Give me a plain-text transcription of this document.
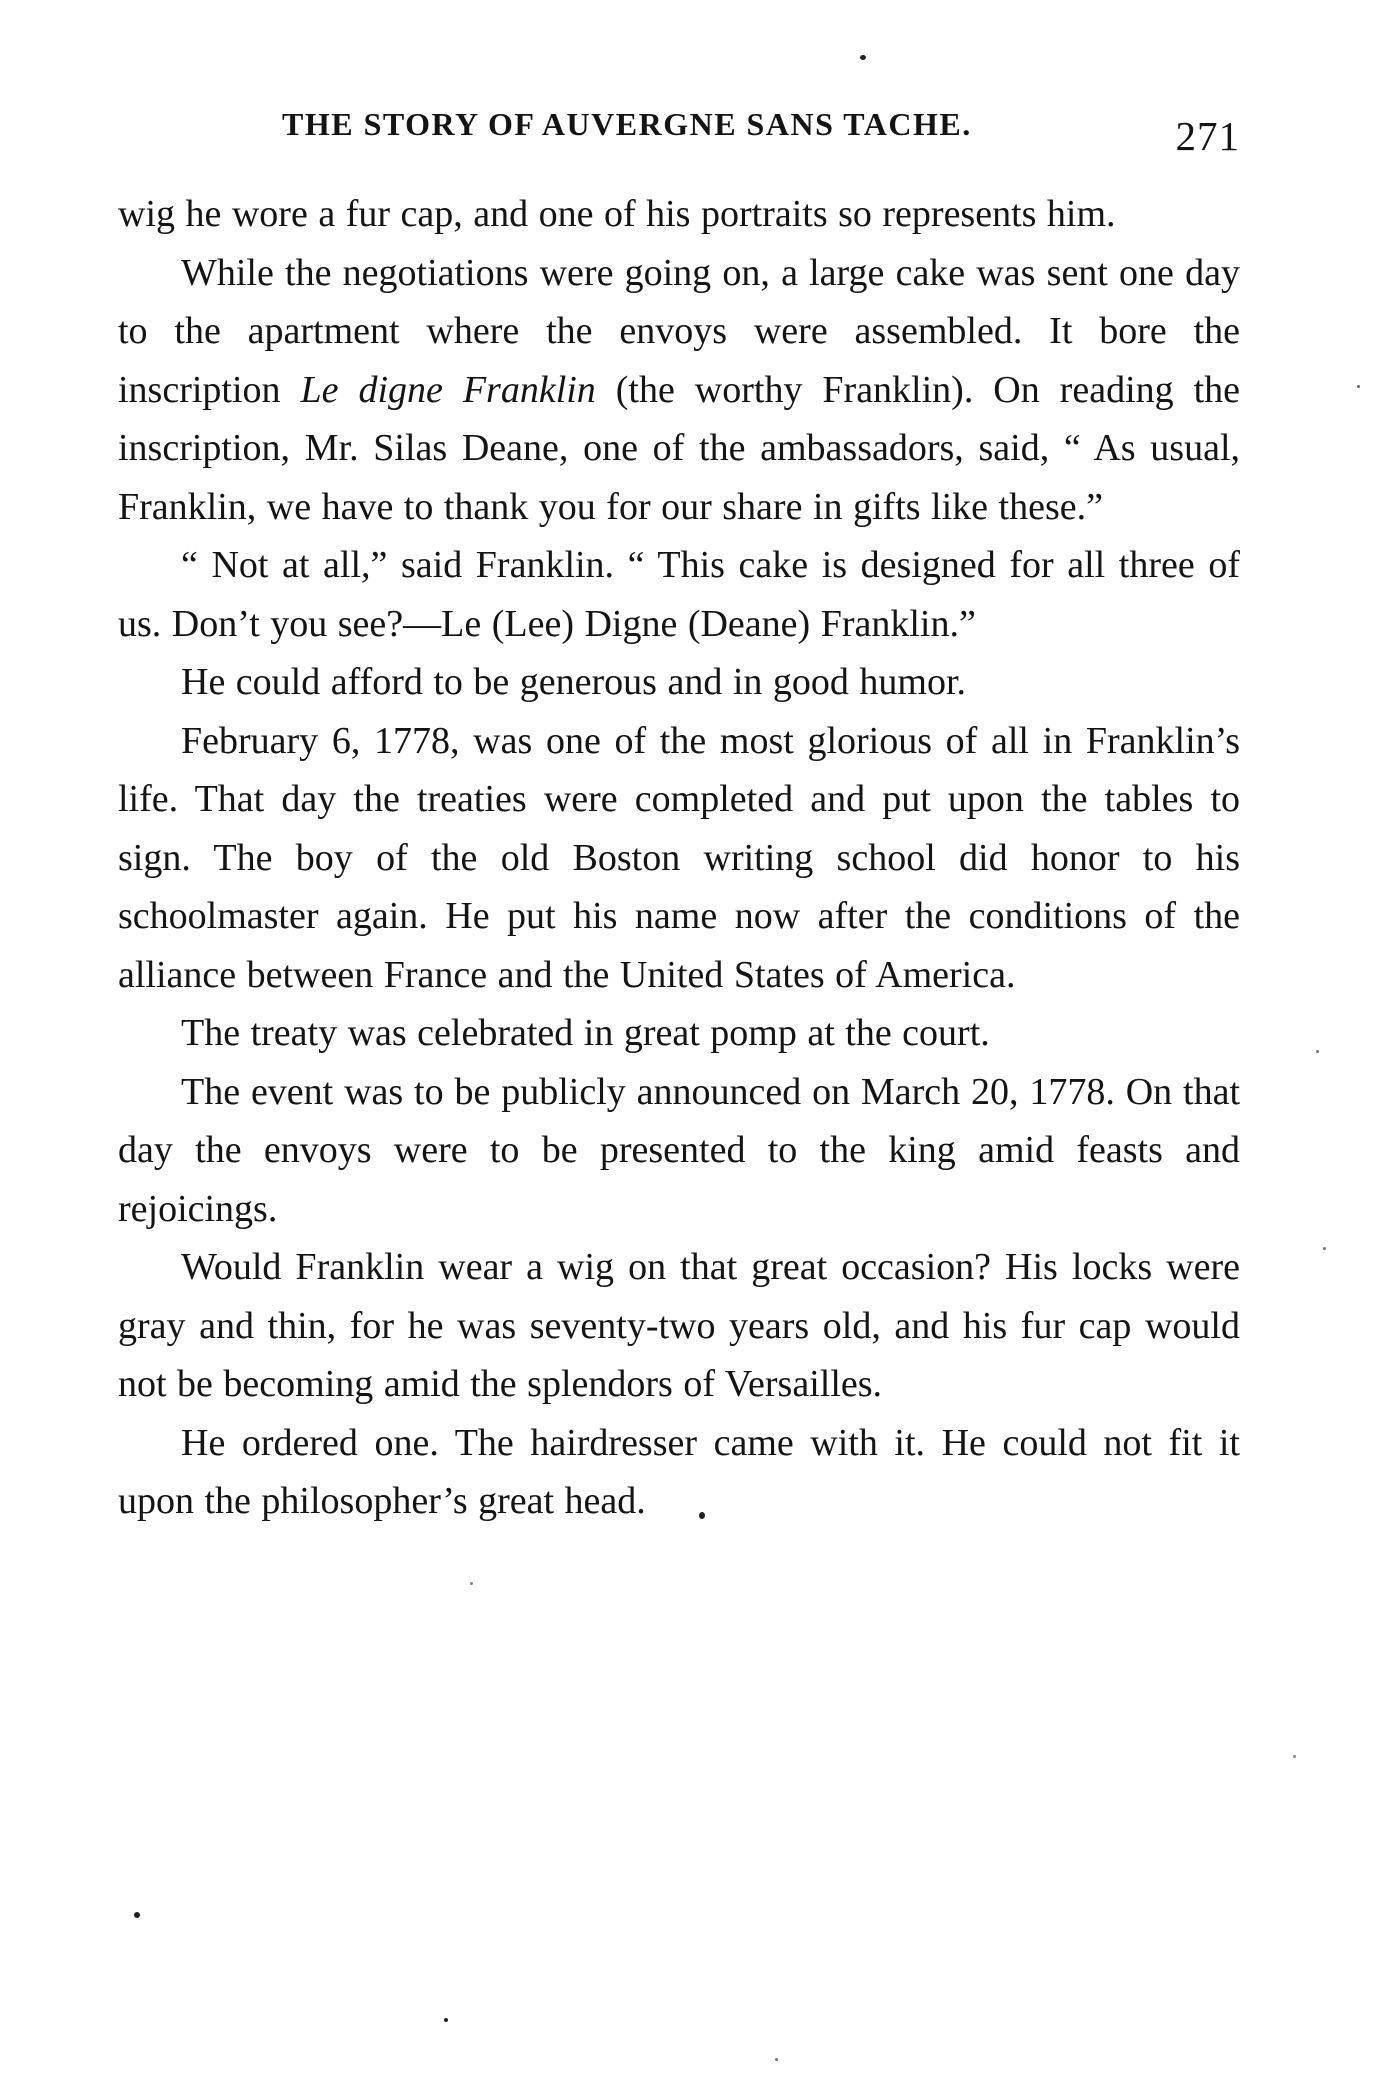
THE STORY OF AUVERGNE SANS TACHE.	271

wig he wore a fur cap, and one of his portraits so represents him.

While the negotiations were going on, a large cake was sent one day to the apartment where the envoys were assembled. It bore the inscription Le digne Franklin (the worthy Franklin). On reading the inscription, Mr. Silas Deane, one of the ambassadors, said, “ As usual, Franklin, we have to thank you for our share in gifts like these.”

“ Not at all,” said Franklin. “ This cake is designed for all three of us. Don’t you see?—Le (Lee) Digne (Deane) Franklin.”

He could afford to be generous and in good humor.

February 6, 1778, was one of the most glorious of all in Franklin’s life. That day the treaties were completed and put upon the tables to sign. The boy of the old Boston writing school did honor to his schoolmaster again. He put his name now after the conditions of the alliance between France and the United States of America.

The treaty was celebrated in great pomp at the court.

The event was to be publicly announced on March 20, 1778. On that day the envoys were to be presented to the king amid feasts and rejoicings.

Would Franklin wear a wig on that great occasion? His locks were gray and thin, for he was seventy-two years old, and his fur cap would not be becoming amid the splendors of Versailles.

He ordered one. The hairdresser came with it. He could not fit it upon the philosopher’s great head.
